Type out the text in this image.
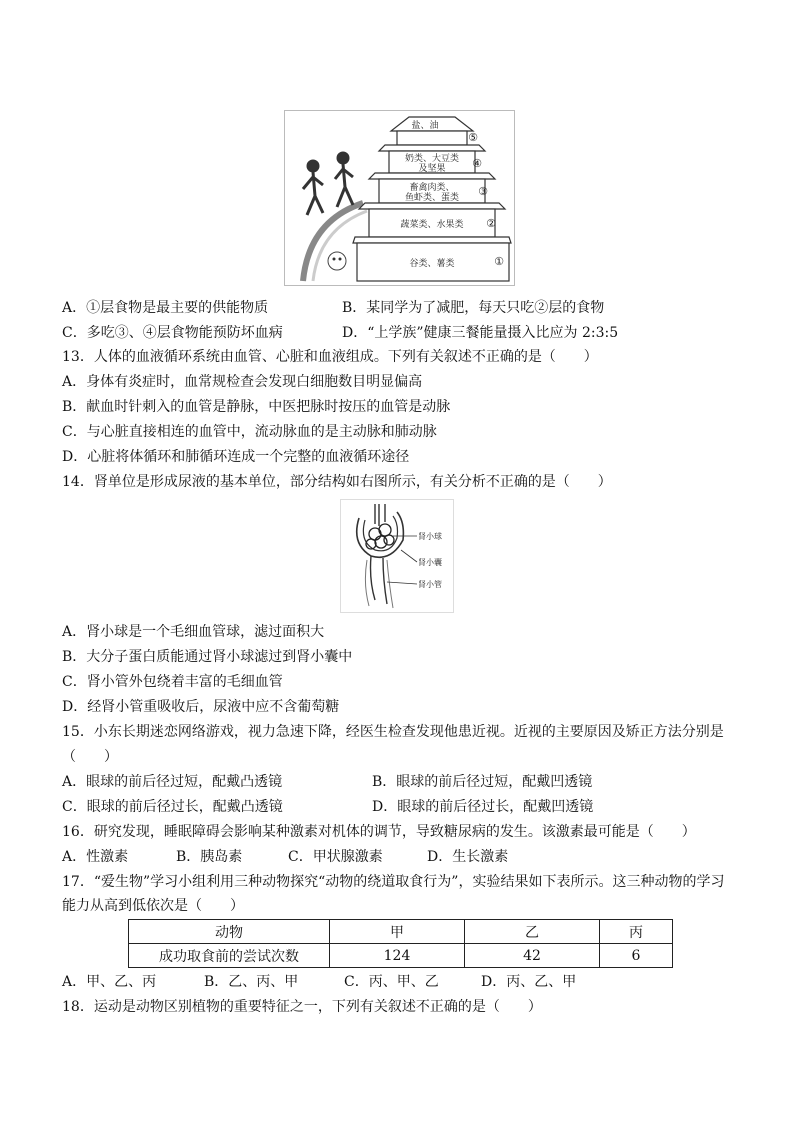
盐、油
奶类、大豆类
及坚果
畜禽肉类、
鱼虾类、蛋类
蔬菜类、水果类
谷类、薯类
⑤
④
③
②
①
A．①层食物是最主要的供能物质	B．某同学为了减肥，每天只吃②层的食物
C．多吃③、④层食物能预防坏血病	D．“上学族”健康三餐能量摄入比应为 2:3:5
13．人体的血液循环系统由血管、心脏和血液组成。下列有关叙述不正确的是（　　）
A．身体有炎症时，血常规检查会发现白细胞数目明显偏高
B．献血时针刺入的血管是静脉，中医把脉时按压的血管是动脉
C．与心脏直接相连的血管中，流动脉血的是主动脉和肺动脉
D．心脏将体循环和肺循环连成一个完整的血液循环途径
14．肾单位是形成尿液的基本单位，部分结构如右图所示，有关分析不正确的是（　　）
肾小球
肾小囊
肾小管
A．肾小球是一个毛细血管球，滤过面积大
B．大分子蛋白质能通过肾小球滤过到肾小囊中
C．肾小管外包绕着丰富的毛细血管
D．经肾小管重吸收后，尿液中应不含葡萄糖
15．小东长期迷恋网络游戏，视力急速下降，经医生检查发现他患近视。近视的主要原因及矫正方法分别是
（　　）
A．眼球的前后径过短，配戴凸透镜	B．眼球的前后径过短，配戴凹透镜
C．眼球的前后径过长，配戴凸透镜	D．眼球的前后径过长，配戴凹透镜
16．研究发现，睡眠障碍会影响某种激素对机体的调节，导致糖尿病的发生。该激素最可能是（　　）
A．性激素	B．胰岛素	C．甲状腺激素	D．生长激素
17．“爱生物”学习小组利用三种动物探究“动物的绕道取食行为”，实验结果如下表所示。这三种动物的学习
能力从高到低依次是（　　）
动物	甲	乙	丙
成功取食前的尝试次数	124	42	6
A．甲、乙、丙	B．乙、丙、甲	C．丙、甲、乙	D．丙、乙、甲
18．运动是动物区别植物的重要特征之一，下列有关叙述不正确的是（　　）
